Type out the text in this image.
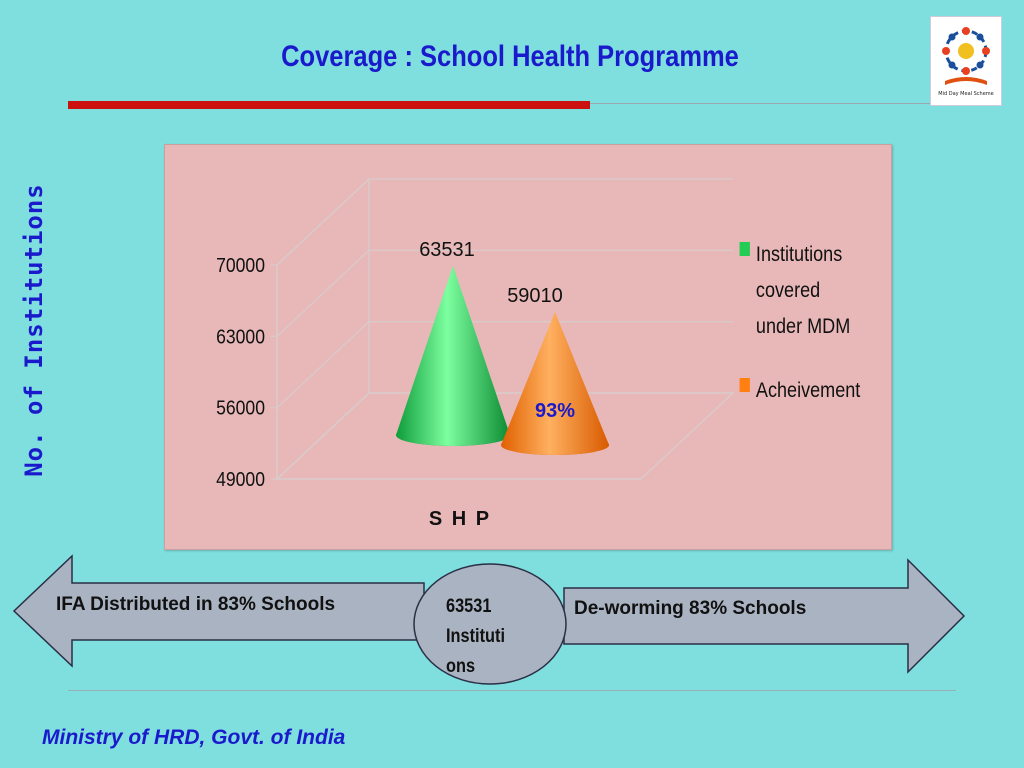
Coverage : School Health Programme
Mid Day Meal Scheme
No. of Institutions	70000
63000
56000
49000
63531
59010
93%
S H P
Institutions covered under MDM
Acheivement
IFA Distributed in 83% Schools	De-worming 83% Schools
63531
Instituti
ons
Ministry of HRD, Govt. of India
